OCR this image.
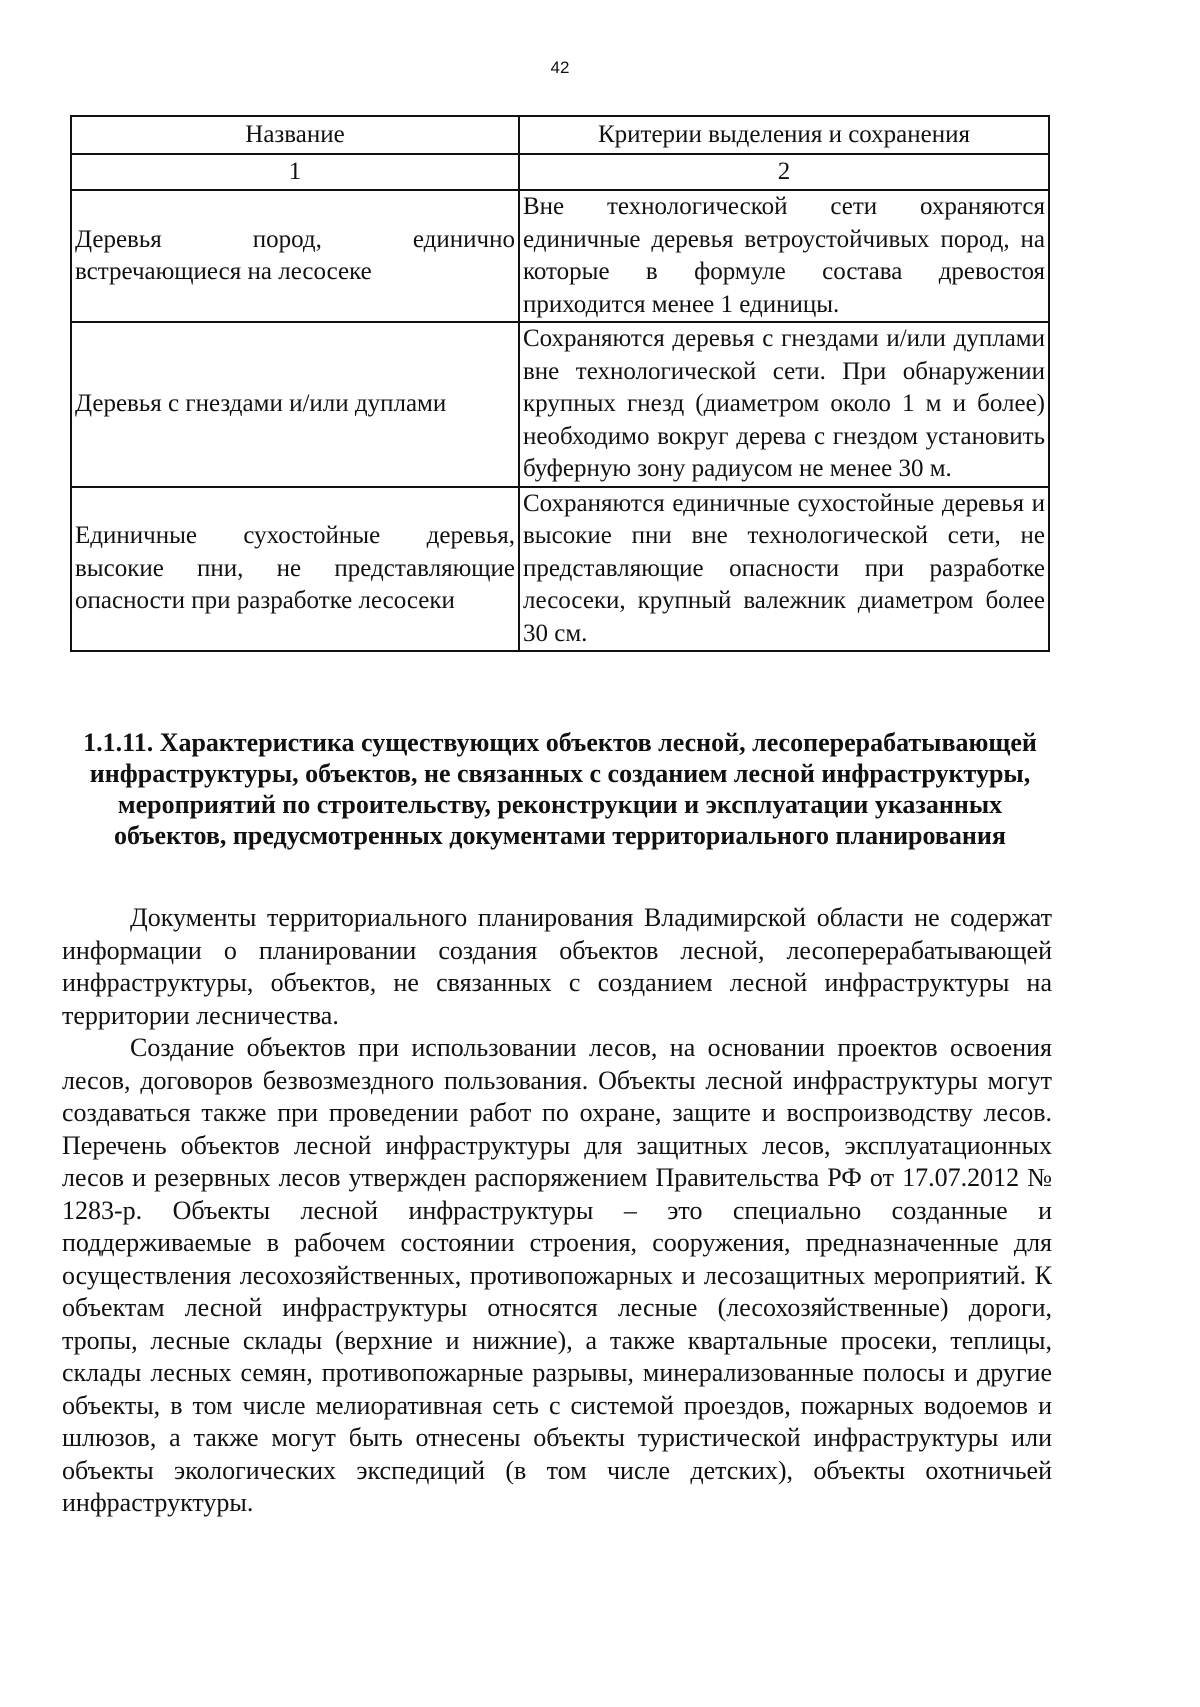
42
Название	Критерии выделения и сохранения
1	2
Деревья пород, единично встречающиеся на лесосеке	Вне технологической сети охраняются единичные деревья ветроустойчивых пород, на которые в формуле состава древостоя приходится менее 1 единицы.
Деревья с гнездами и/или дуплами	Сохраняются деревья с гнездами и/или дуплами вне технологической сети. При обнаружении крупных гнезд (диаметром около 1 м и более) необходимо вокруг дерева с гнездом установить буферную зону радиусом не менее 30 м.
Единичные сухостойные деревья, высокие пни, не представляющие опасности при разработке лесосеки	Сохраняются единичные сухостойные деревья и высокие пни вне технологической сети, не представляющие опасности при разработке лесосеки, крупный валежник диаметром более 30 см.
1.1.11. Характеристика существующих объектов лесной, лесоперерабатывающей инфраструктуры, объектов, не связанных с созданием лесной инфраструктуры, мероприятий по строительству, реконструкции и эксплуатации указанных объектов, предусмотренных документами территориального планирования

Документы территориального планирования Владимирской области не содержат информации о планировании создания объектов лесной, лесоперерабатывающей инфраструктуры, объектов, не связанных с созданием лесной инфраструктуры на территории лесничества.

Создание объектов при использовании лесов, на основании проектов освоения лесов, договоров безвозмездного пользования. Объекты лесной инфраструктуры могут создаваться также при проведении работ по охране, защите и воспроизводству лесов. Перечень объектов лесной инфраструктуры для защитных лесов, эксплуатационных лесов и резервных лесов утвержден распоряжением Правительства РФ от 17.07.2012 № 1283-р. Объекты лесной инфраструктуры – это специально созданные и поддерживаемые в рабочем состоянии строения, сооружения, предназначенные для осуществления лесохозяйственных, противопожарных и лесозащитных мероприятий. К объектам лесной инфраструктуры относятся лесные (лесохозяйственные) дороги, тропы, лесные склады (верхние и нижние), а также квартальные просеки, теплицы, склады лесных семян, противопожарные разрывы, минерализованные полосы и другие объекты, в том числе мелиоративная сеть с системой проездов, пожарных водоемов и шлюзов, а также могут быть отнесены объекты туристической инфраструктуры или объекты экологических экспедиций (в том числе детских), объекты охотничьей инфраструктуры.
